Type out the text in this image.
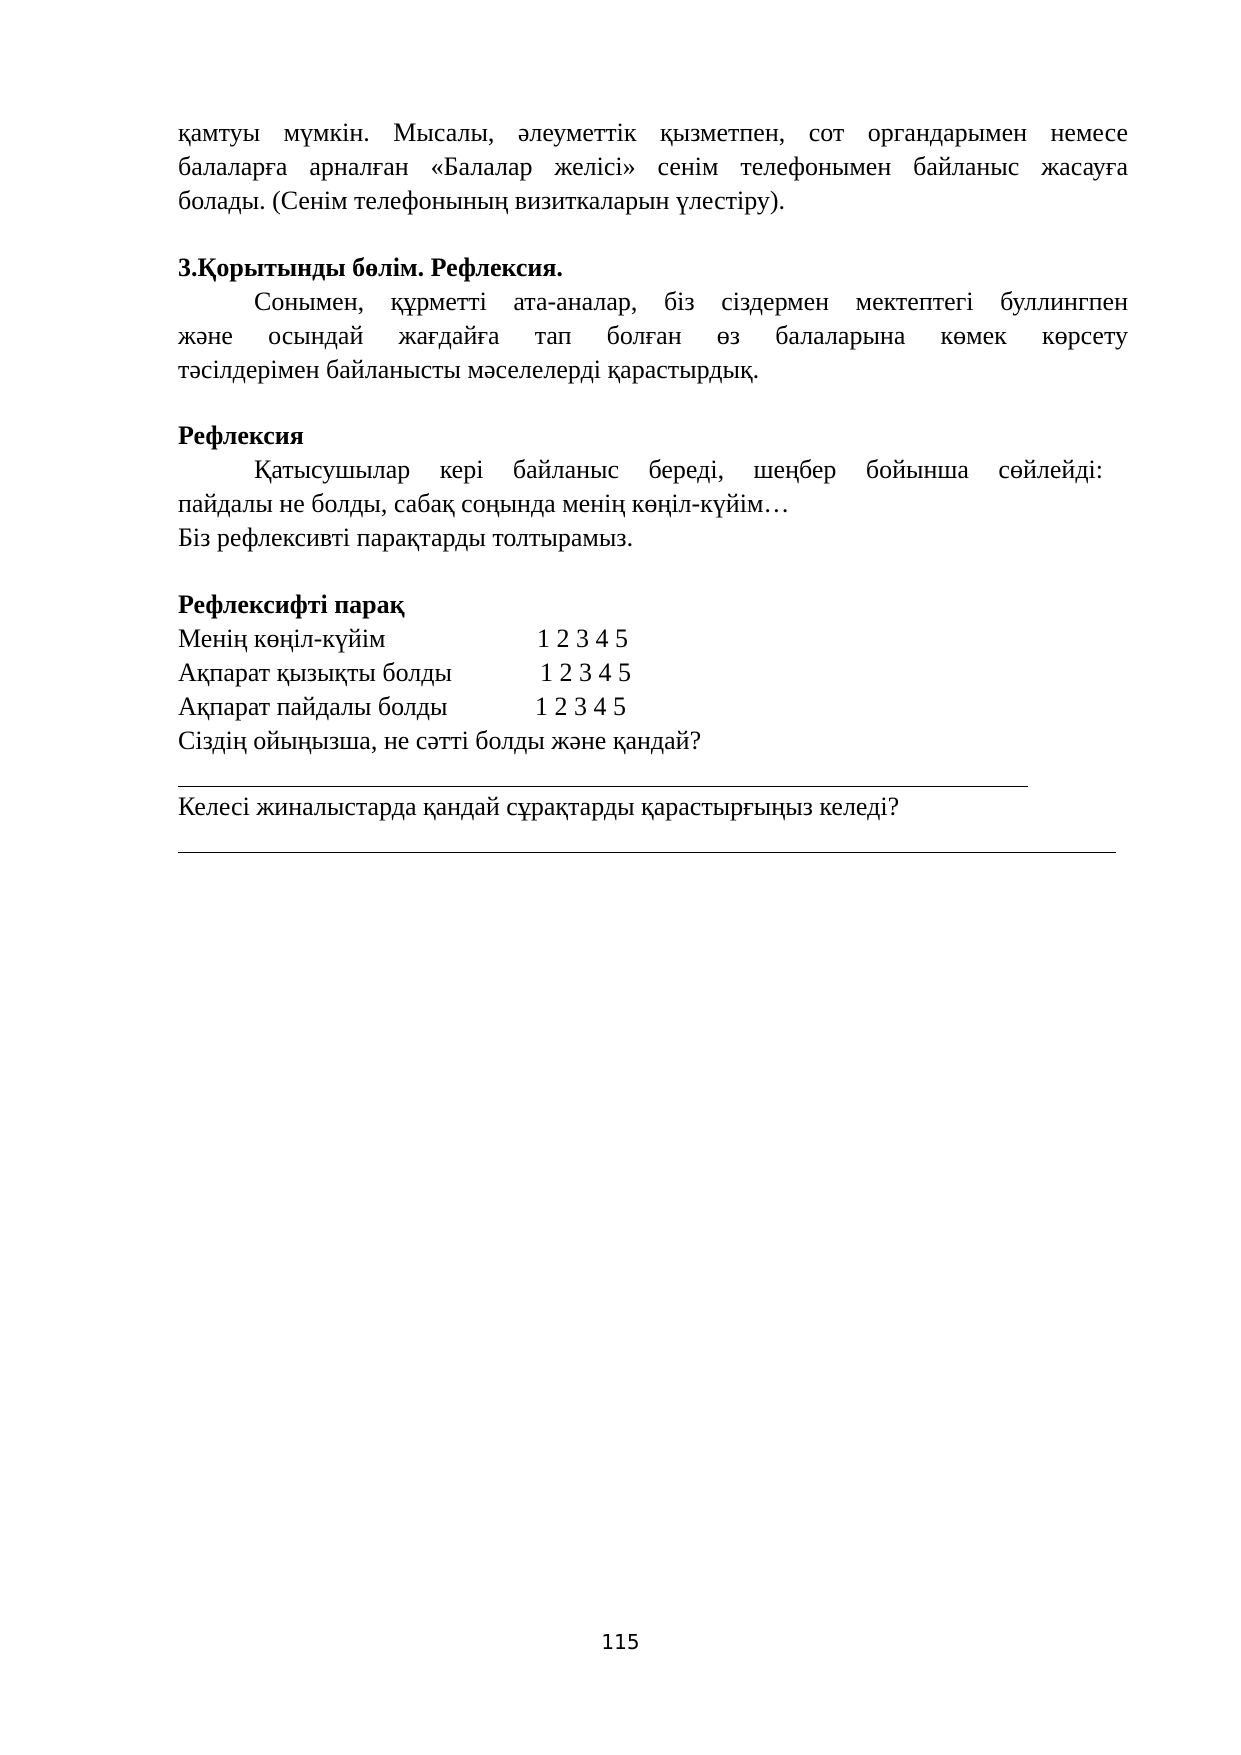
қамтуы мүмкін. Мысалы, әлеуметтік қызметпен, сот органдарымен немесе
балаларға арналған «Балалар желісі» сенім телефонымен байланыс жасауға
болады. (Сенім телефонының визиткаларын үлестіру).
3.Қорытынды бөлім. Рефлексия.
Сонымен, құрметті ата-аналар, біз сіздермен мектептегі буллингпен
және осындай жағдайға тап болған өз балаларына көмек көрсету
тәсілдерімен байланысты мәселелерді қарастырдық.
Рефлексия
Қатысушылар кері байланыс береді, шеңбер бойынша сөйлейді:
пайдалы не болды, сабақ соңында менің көңіл-күйім…
Біз рефлексивті парақтарды толтырамыз.
Рефлексифті парақ
Менің көңіл-күйім	1 2 3 4 5
Ақпарат қызықты болды	1 2 3 4 5
Ақпарат пайдалы болды	1 2 3 4 5
Сіздің ойыңызша, не сәтті болды және қандай?
Келесі жиналыстарда қандай сұрақтарды қарастырғыңыз келеді?
115
